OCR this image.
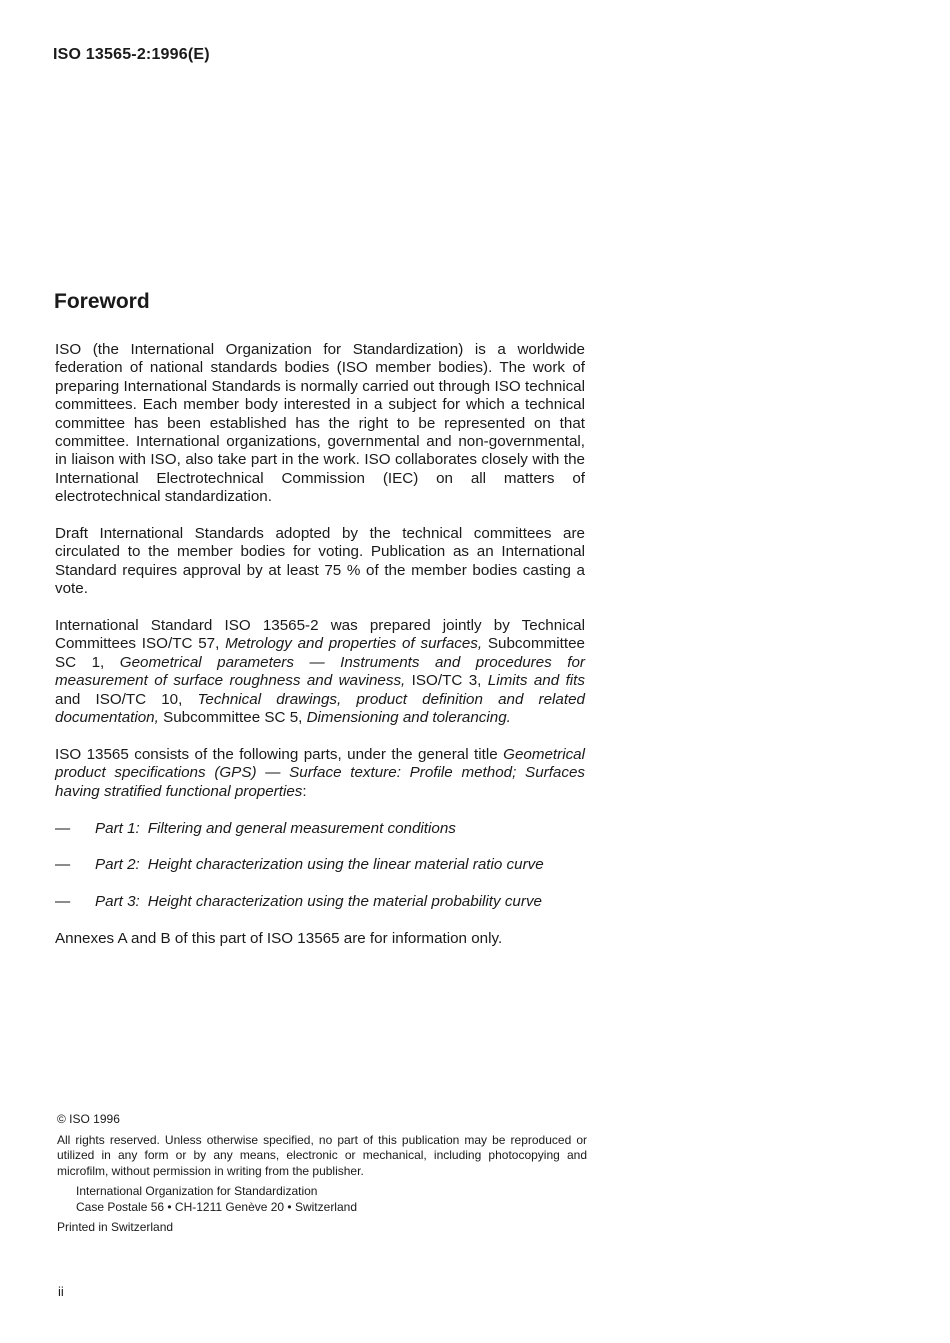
ISO 13565-2:1996(E)
Foreword

ISO (the International Organization for Standardization) is a worldwide federation of national standards bodies (ISO member bodies). The work of preparing International Standards is normally carried out through ISO technical committees. Each member body interested in a subject for which a technical committee has been established has the right to be represented on that committee. International organizations, governmental and non-governmental, in liaison with ISO, also take part in the work. ISO collaborates closely with the International Electrotechnical Commission (IEC) on all matters of electrotechnical standardization.

Draft International Standards adopted by the technical committees are circulated to the member bodies for voting. Publication as an International Standard requires approval by at least 75 % of the member bodies casting a vote.

International Standard ISO 13565-2 was prepared jointly by Technical Committees ISO/TC 57, Metrology and properties of surfaces, Subcommittee SC 1, Geometrical parameters — Instruments and procedures for measurement of surface roughness and waviness, ISO/TC 3, Limits and fits and ISO/TC 10, Technical drawings, product definition and related documentation, Subcommittee SC 5, Dimensioning and tolerancing.

ISO 13565 consists of the following parts, under the general title Geometrical product specifications (GPS) — Surface texture: Profile method; Surfaces having stratified functional properties:

— Part 1: Filtering and general measurement conditions
— Part 2: Height characterization using the linear material ratio curve
— Part 3: Height characterization using the material probability curve

Annexes A and B of this part of ISO 13565 are for information only.

© ISO 1996

All rights reserved. Unless otherwise specified, no part of this publication may be reproduced or utilized in any form or by any means, electronic or mechanical, including photocopying and microfilm, without permission in writing from the publisher.

International Organization for Standardization

Case Postale 56 • CH-1211 Genève 20 • Switzerland

Printed in Switzerland

ii
